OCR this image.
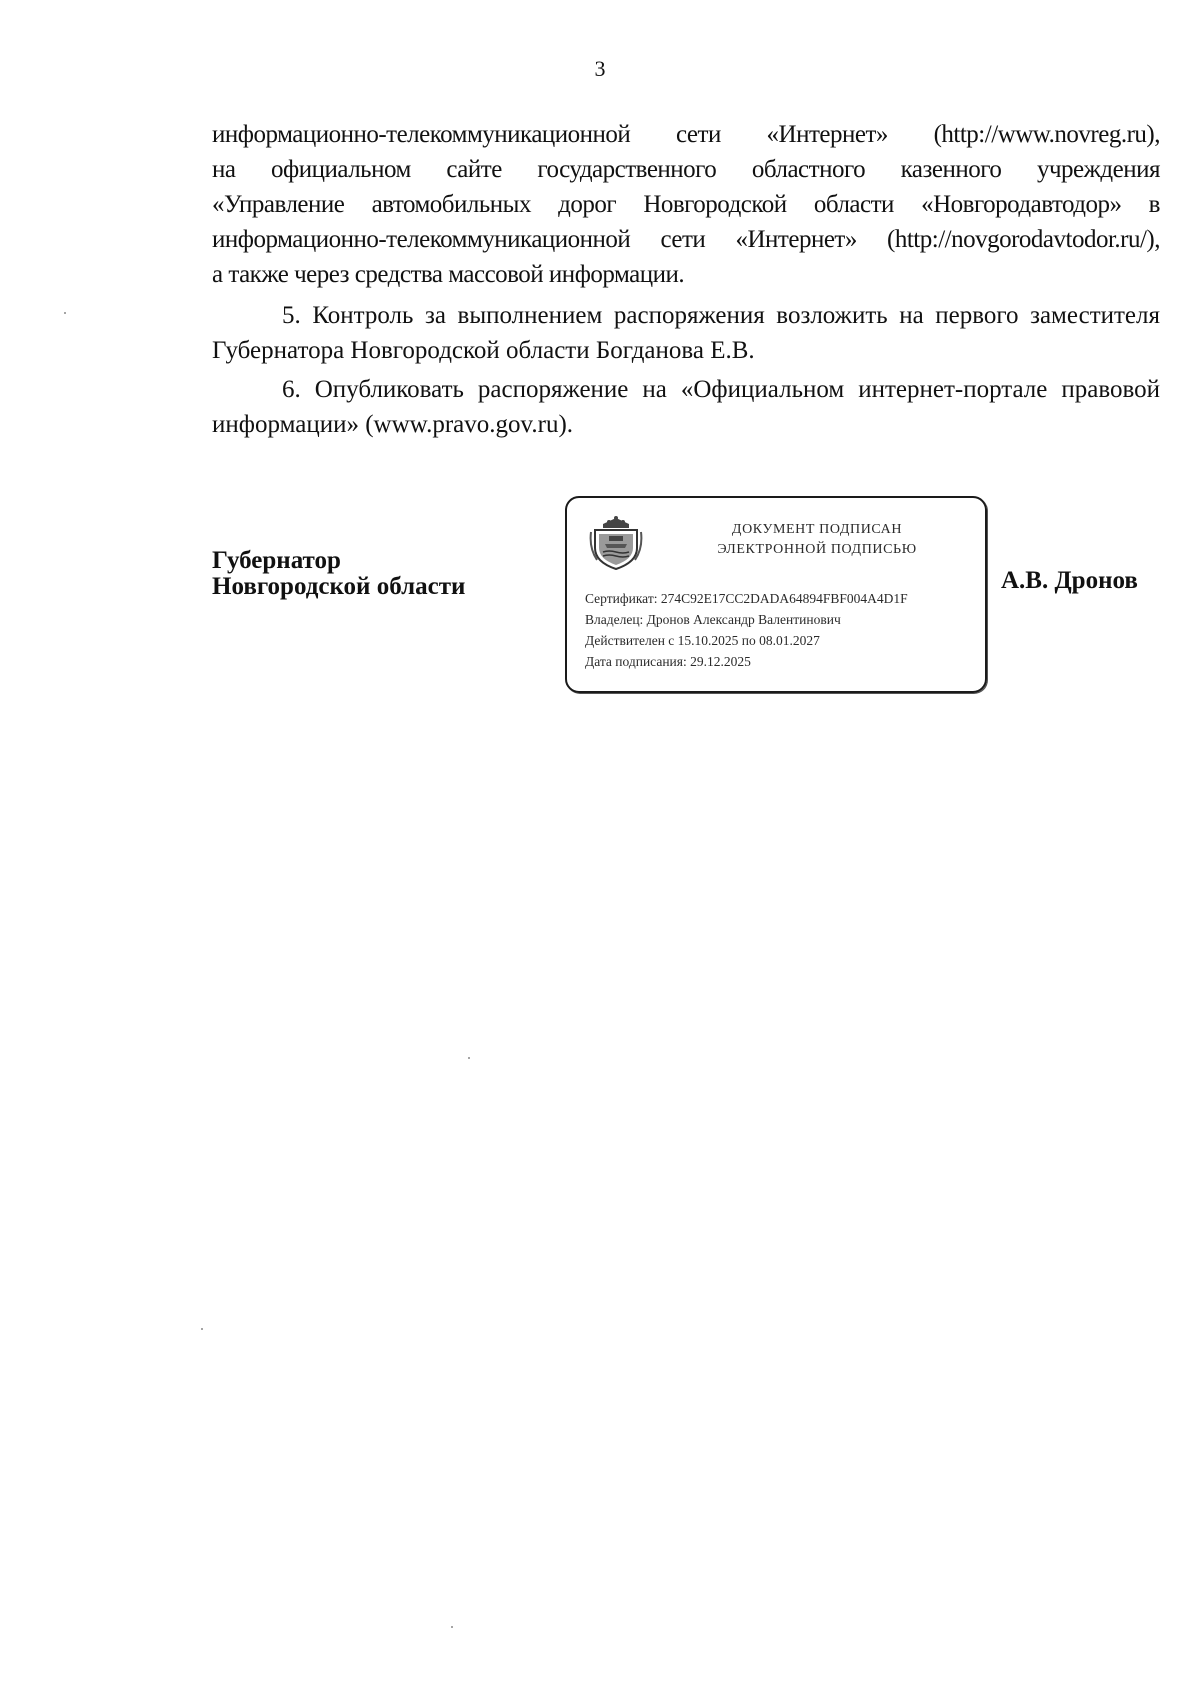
3
информационно-телекоммуникационной сети «Интернет» (http://www.novreg.ru),
на официальном сайте государственного областного казенного учреждения
«Управление автомобильных дорог Новгородской области «Новгородавтодор» в
информационно-телекоммуникационной сети «Интернет» (http://novgorodavtodor.ru/),
а также через средства массовой информации.

5. Контроль за выполнением распоряжения возложить на первого заместителя Губернатора Новгородской области Богданова Е.В.

6. Опубликовать распоряжение на «Официальном интернет-портале правовой информации» (www.pravo.gov.ru).

Губернатор
Новгородской области
ДОКУМЕНТ ПОДПИСАН
ЭЛЕКТРОННОЙ ПОДПИСЬЮ
Сертификат: 274C92E17CC2DADA64894FBF004A4D1F
Владелец: Дронов Александр Валентинович
Действителен с 15.10.2025 по 08.01.2027
Дата подписания: 29.12.2025
А.В. Дронов
